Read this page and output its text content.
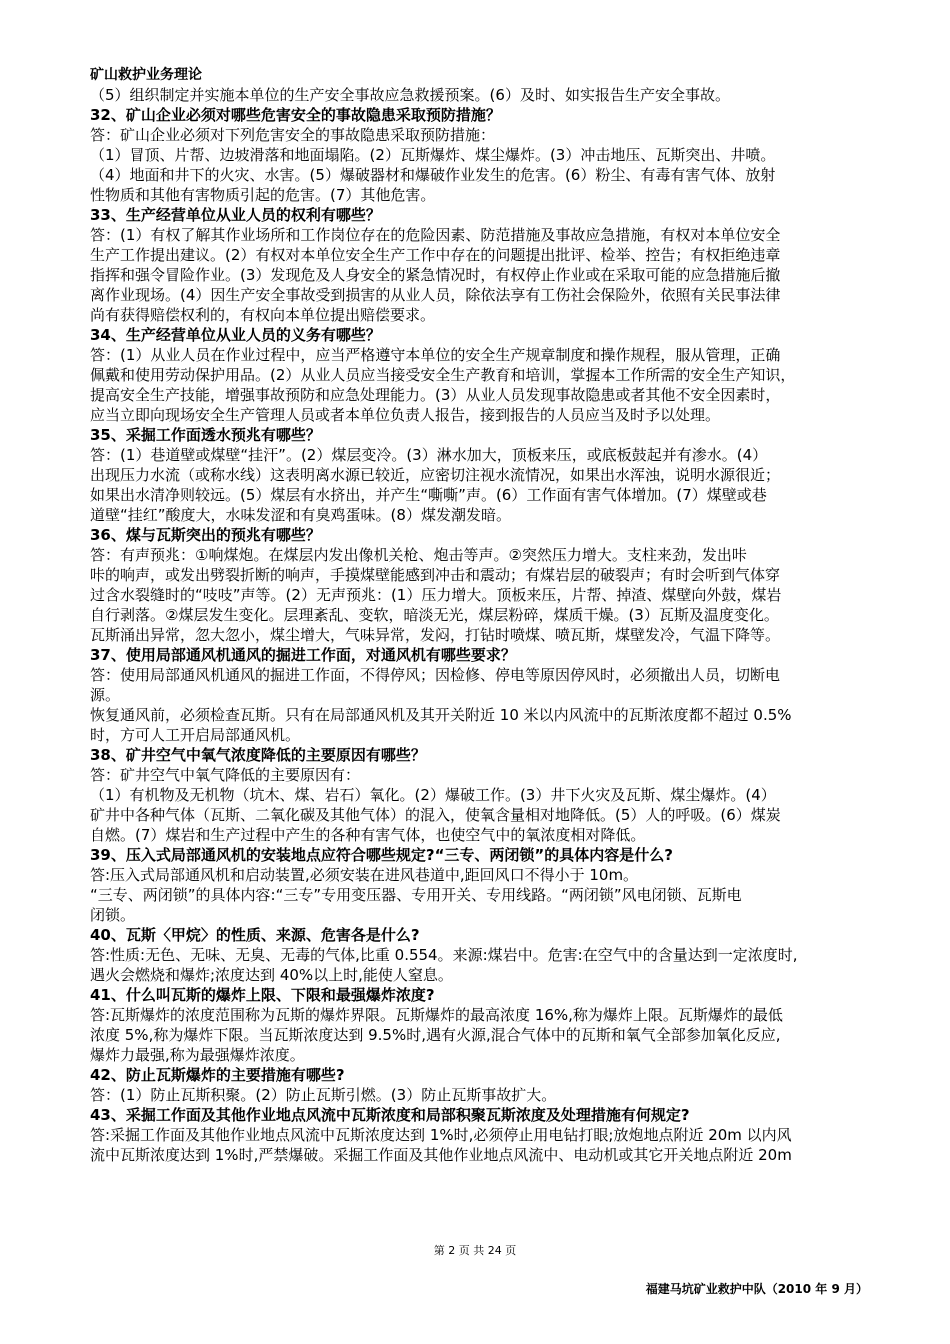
矿山救护业务理论

（5）组织制定并实施本单位的生产安全事故应急救援预案。(6）及时、如实报告生产安全事故。

32、矿山企业必须对哪些危害安全的事故隐患采取预防措施？

答：矿山企业必须对下列危害安全的事故隐患采取预防措施：

（1）冒顶、片帮、边坡滑落和地面塌陷。(2）瓦斯爆炸、煤尘爆炸。(3）冲击地压、瓦斯突出、井喷。

（4）地面和井下的火灾、水害。(5）爆破器材和爆破作业发生的危害。(6）粉尘、有毒有害气体、放射

性物质和其他有害物质引起的危害。(7）其他危害。

33、生产经营单位从业人员的权利有哪些？

答：(1）有权了解其作业场所和工作岗位存在的危险因素、防范措施及事故应急措施，有权对本单位安全

生产工作提出建议。(2）有权对本单位安全生产工作中存在的问题提出批评、检举、控告；有权拒绝违章

指挥和强令冒险作业。(3）发现危及人身安全的紧急情况时，有权停止作业或在采取可能的应急措施后撤

离作业现场。(4）因生产安全事故受到损害的从业人员，除依法享有工伤社会保险外，依照有关民事法律

尚有获得赔偿权利的，有权向本单位提出赔偿要求。

34、生产经营单位从业人员的义务有哪些？

答：(1）从业人员在作业过程中，应当严格遵守本单位的安全生产规章制度和操作规程，服从管理，正确

佩戴和使用劳动保护用品。(2）从业人员应当接受安全生产教育和培训，掌握本工作所需的安全生产知识，

提高安全生产技能，增强事故预防和应急处理能力。(3）从业人员发现事故隐患或者其他不安全因素时，

应当立即向现场安全生产管理人员或者本单位负责人报告，接到报告的人员应当及时予以处理。

35、采掘工作面透水预兆有哪些？

答：(1）巷道壁或煤壁“挂汗”。(2）煤层变冷。(3）淋水加大，顶板来压，或底板鼓起并有渗水。(4）

出现压力水流（或称水线）这表明离水源已较近，应密切注视水流情况，如果出水浑浊，说明水源很近；

如果出水清净则较远。(5）煤层有水挤出，并产生“嘶嘶”声。(6）工作面有害气体增加。(7）煤壁或巷

道壁“挂红”酸度大，水味发涩和有臭鸡蛋味。(8）煤发潮发暗。

36、煤与瓦斯突出的预兆有哪些？

答：有声预兆：①响煤炮。在煤层内发出像机关枪、炮击等声。②突然压力增大。支柱来劲，发出咔

咔的响声，或发出劈裂折断的响声，手摸煤壁能感到冲击和震动；有煤岩层的破裂声；有时会听到气体穿

过含水裂缝时的“吱吱”声等。(2）无声预兆：(1）压力增大。顶板来压，片帮、掉渣、煤壁向外鼓，煤岩

自行剥落。②煤层发生变化。层理紊乱、变软，暗淡无光，煤层粉碎，煤质干燥。(3）瓦斯及温度变化。

瓦斯涌出异常，忽大忽小，煤尘增大，气味异常，发闷，打钻时喷煤、喷瓦斯，煤壁发冷，气温下降等。

37、使用局部通风机通风的掘进工作面，对通风机有哪些要求？

答：使用局部通风机通风的掘进工作面，不得停风；因检修、停电等原因停风时，必须撤出人员，切断电

源。

恢复通风前，必须检查瓦斯。只有在局部通风机及其开关附近 10 米以内风流中的瓦斯浓度都不超过 0.5%

时，方可人工开启局部通风机。

38、矿井空气中氧气浓度降低的主要原因有哪些？

答：矿井空气中氧气降低的主要原因有：

（1）有机物及无机物（坑木、煤、岩石）氧化。(2）爆破工作。(3）井下火灾及瓦斯、煤尘爆炸。(4）

矿井中各种气体（瓦斯、二氧化碳及其他气体）的混入，使氧含量相对地降低。(5）人的呼吸。(6）煤炭

自燃。(7）煤岩和生产过程中产生的各种有害气体，也使空气中的氧浓度相对降低。

39、压入式局部通风机的安装地点应符合哪些规定?“三专、两闭锁”的具体内容是什么?

答:压入式局部通风机和启动装置,必须安装在进风巷道中,距回风口不得小于 10m。

“三专、两闭锁”的具体内容:“三专”专用变压器、专用开关、专用线路。“两闭锁”风电闭锁、瓦斯电

闭锁。

40、瓦斯〈甲烷〉的性质、来源、危害各是什么?

答:性质:无色、无味、无臭、无毒的气体,比重 0.554。来源:煤岩中。危害:在空气中的含量达到一定浓度时,

遇火会燃烧和爆炸;浓度达到 40%以上时,能使人窒息。

41、什么叫瓦斯的爆炸上限、下限和最强爆炸浓度?

答:瓦斯爆炸的浓度范围称为瓦斯的爆炸界限。瓦斯爆炸的最高浓度 16%,称为爆炸上限。瓦斯爆炸的最低

浓度 5%,称为爆炸下限。当瓦斯浓度达到 9.5%时,遇有火源,混合气体中的瓦斯和氧气全部参加氧化反应,

爆炸力最强,称为最强爆炸浓度。

42、防止瓦斯爆炸的主要措施有哪些?

答：(1）防止瓦斯积聚。(2）防止瓦斯引燃。(3）防止瓦斯事故扩大。

43、采掘工作面及其他作业地点风流中瓦斯浓度和局部积聚瓦斯浓度及处理措施有何规定?

答:采掘工作面及其他作业地点风流中瓦斯浓度达到 1%时,必须停止用电钻打眼;放炮地点附近 20m 以内风

流中瓦斯浓度达到 1%时,严禁爆破。采掘工作面及其他作业地点风流中、电动机或其它开关地点附近 20m

第 2 页 共 24 页
福建马坑矿业救护中队（2010 年 9 月）
